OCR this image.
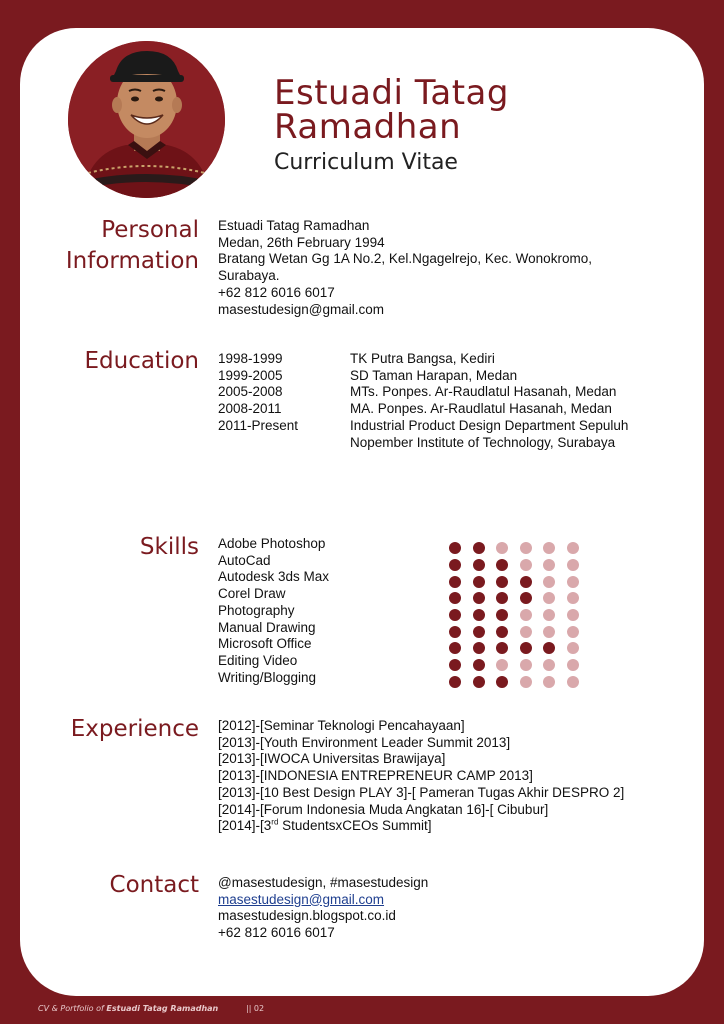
Estuadi Tatag Ramadhan
Curriculum Vitae
Personal
Information
Estuadi Tatag Ramadhan
Medan, 26th February 1994
Bratang Wetan Gg 1A No.2, Kel.Ngagelrejo, Kec. Wonokromo,
Surabaya.
+62 812 6016 6017
masestudesign@gmail.com
Education 1998-1999	TK Putra Bangsa, Kediri
1999-2005	SD Taman Harapan, Medan
2005-2008	MTs. Ponpes. Ar-Raudlatul Hasanah, Medan
2008-2011	MA. Ponpes. Ar-Raudlatul Hasanah, Medan
2011-Present	Industrial Product Design Department Sepuluh Nopember Institute of Technology, Surabaya
Skills Adobe Photoshop
AutoCad
Autodesk 3ds Max
Corel Draw
Photography
Manual Drawing
Microsoft Office
Editing Video
Writing/Blogging
Experience [2012]-[Seminar Teknologi Pencahayaan]
[2013]-[Youth Environment Leader Summit 2013]
[2013]-[IWOCA Universitas Brawijaya]
[2013]-[INDONESIA ENTREPRENEUR CAMP 2013]
[2013]-[10 Best Design PLAY 3]-[ Pameran Tugas Akhir DESPRO 2]
[2014]-[Forum Indonesia Muda Angkatan 16]-[ Cibubur]
[2014]-[3rd StudentsxCEOs Summit]
Contact @masestudesign, #masestudesign
masestudesign@gmail.com
masestudesign.blogspot.co.id
+62 812 6016 6017
CV & Portfolio of Estuadi Tatag Ramadhan	|| 02
